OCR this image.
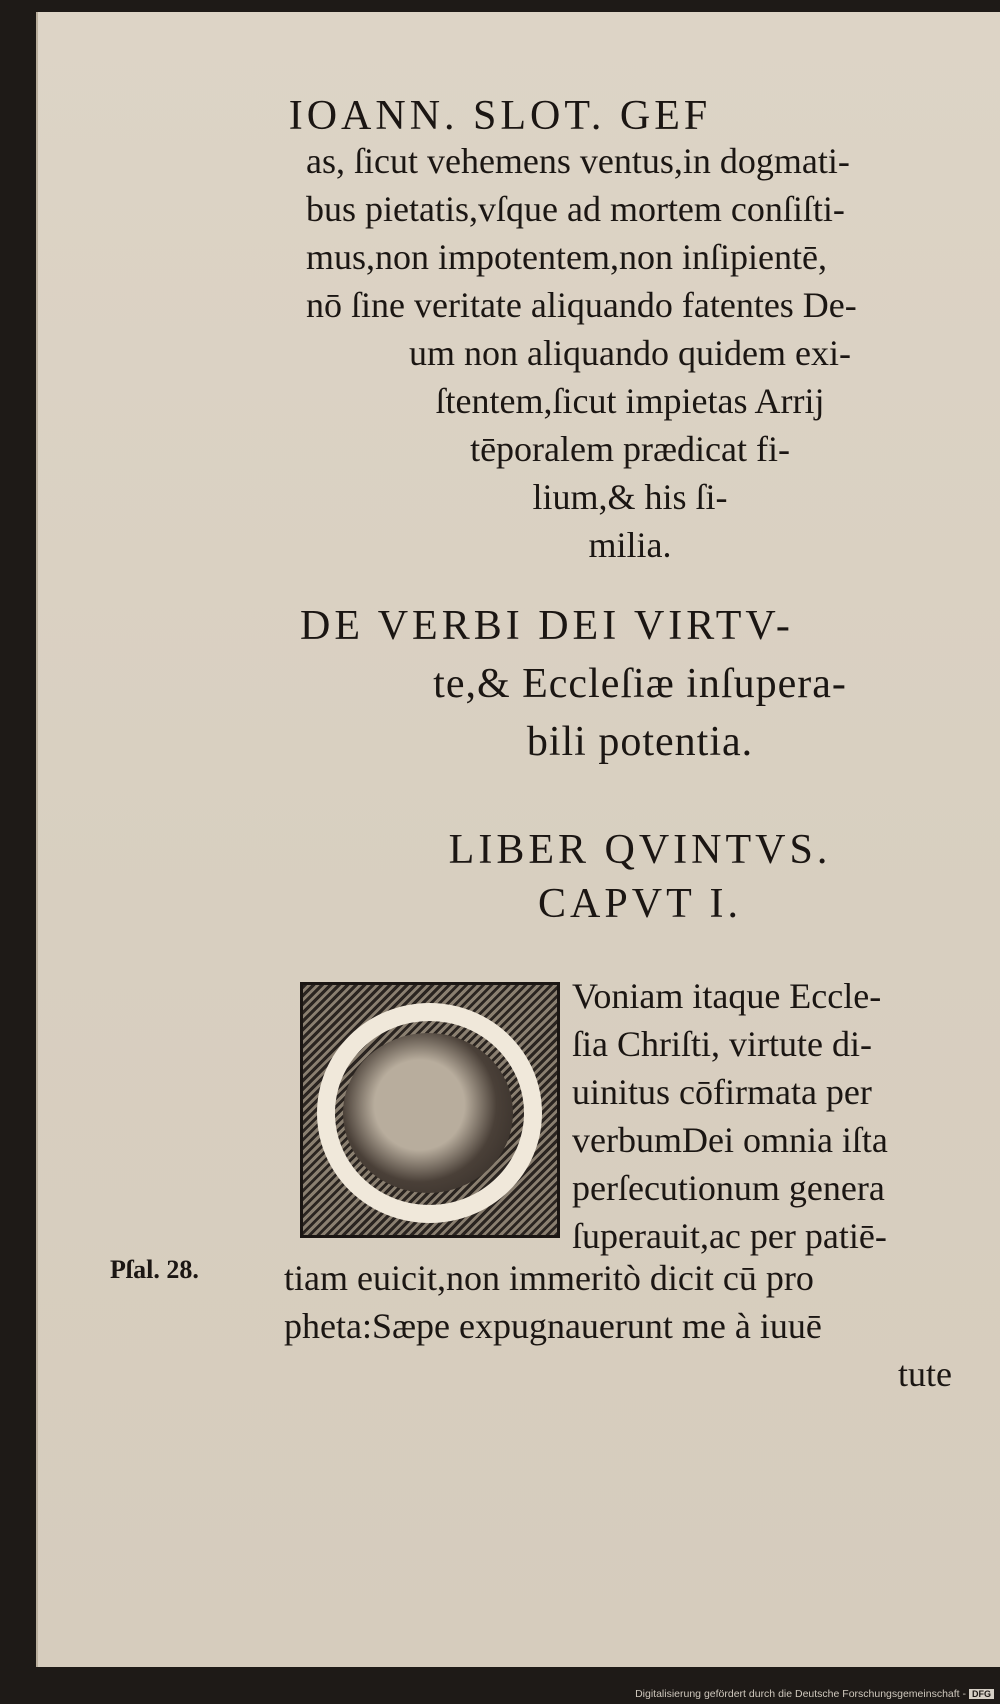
IOANN. SLOT. GEF
as, ſicut vehemens ventus,in dogmati-
bus pietatis,vſque ad mortem conſiſti-
mus,non impotentem,non inſipientē,
nō ſine veritate aliquando fatentes De-
um non aliquando quidem exi-
ſtentem,ſicut impietas Arrij
tēporalem prædicat fi-
lium,& his ſi-
milia.
DE VERBI DEI VIRTV-
te,& Eccleſiæ inſupera-
bili potentia.
LIBER QVINTVS.
CAPVT I.
Voniam itaque Eccle-
ſia Chriſti, virtute di-
uinitus cōfirmata per
verbumDei omnia iſta
perſecutionum genera
ſuperauit,ac per patiē-
Pſal. 28. tiam euicit,non immeritò dicit cū pro
pheta:Sæpe expugnauerunt me à iuuē
tute
Digitalisierung gefördert durch die Deutsche Forschungsgemeinschaft - DFG
